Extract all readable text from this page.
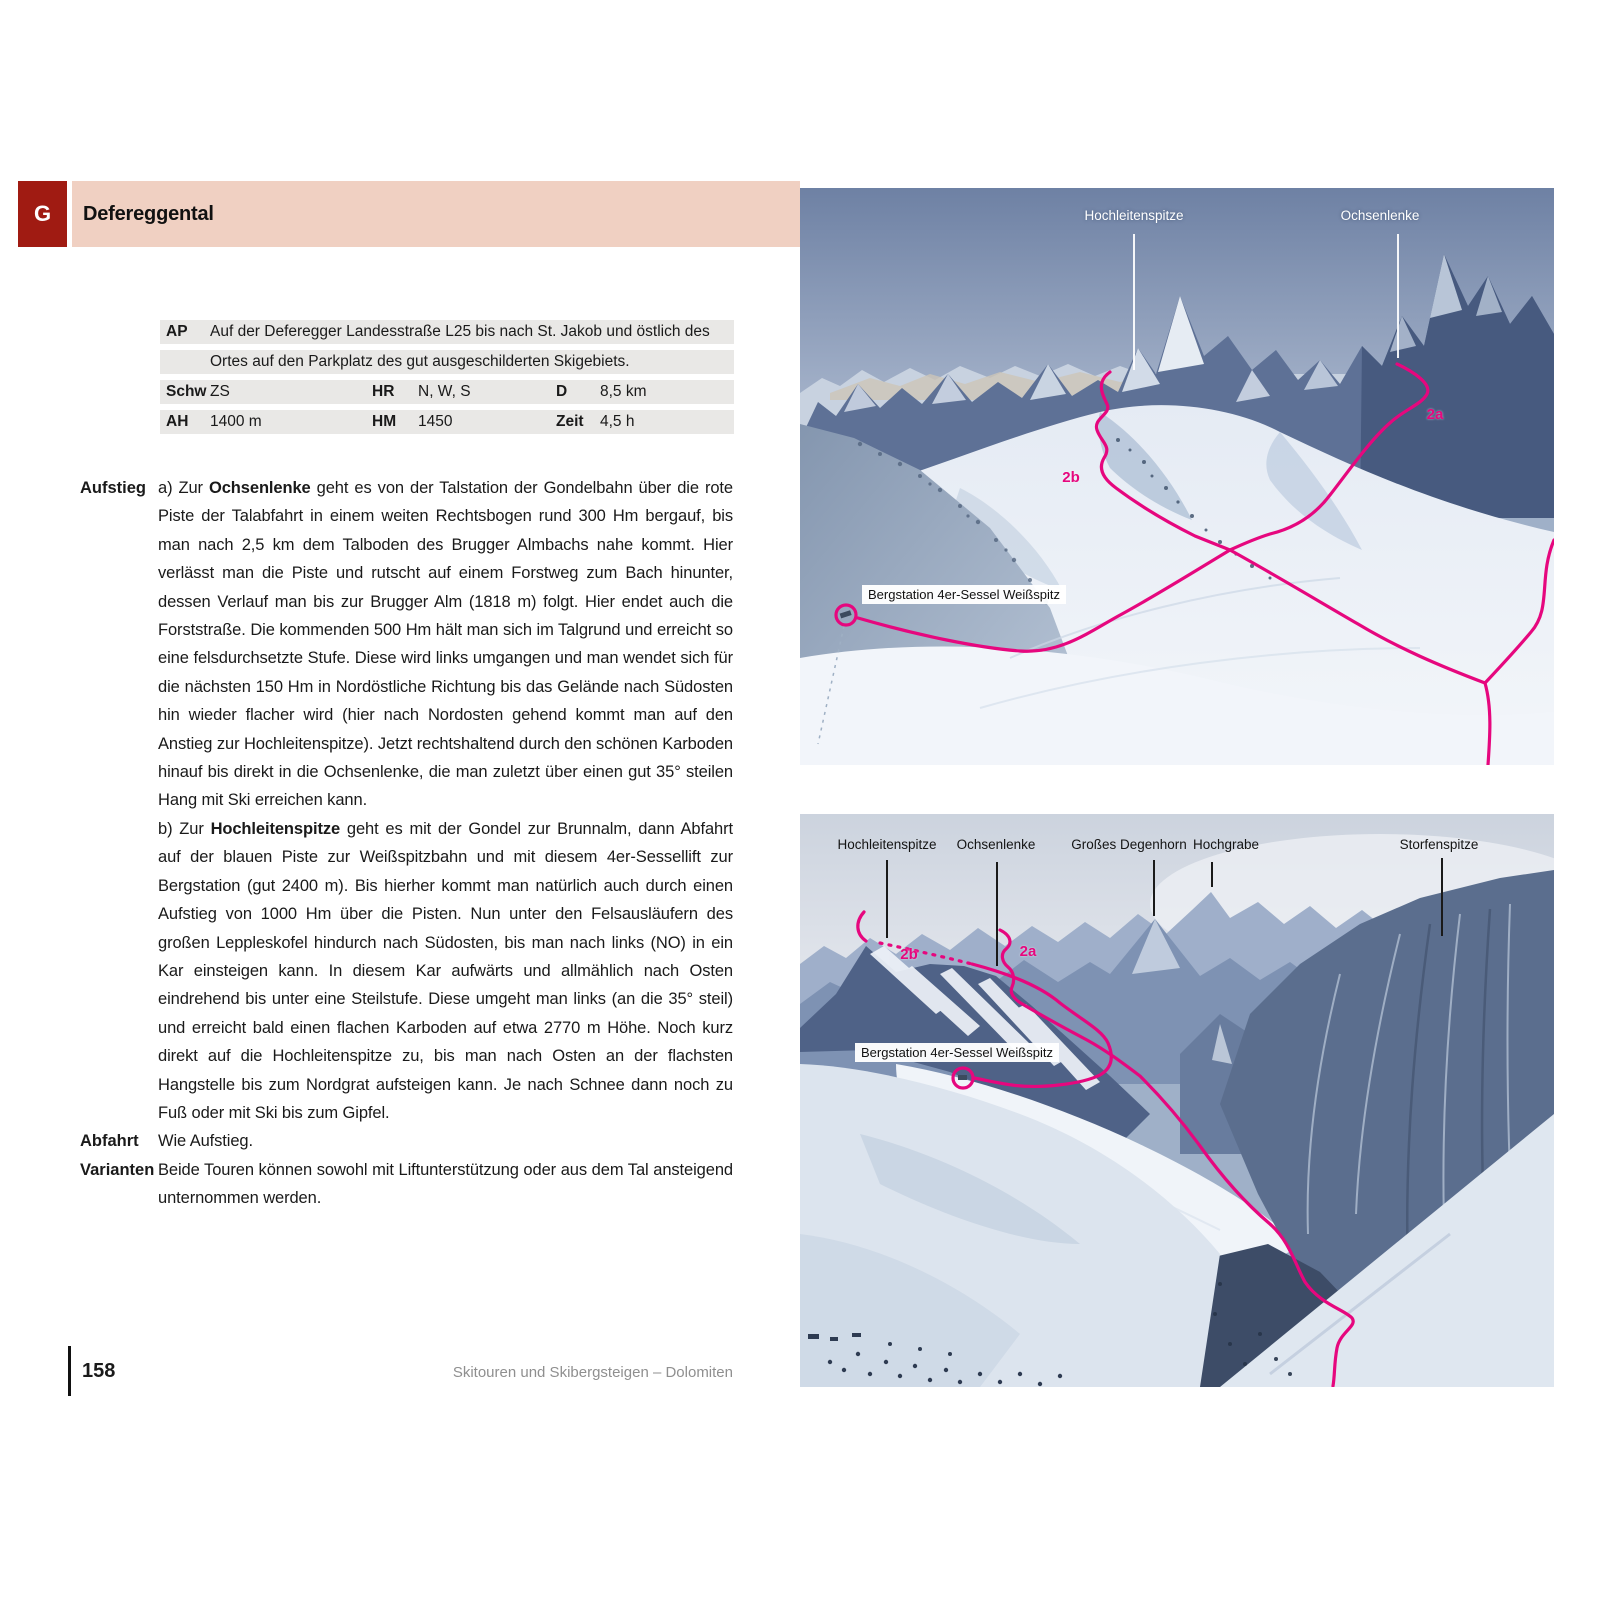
G Defereggental
AP	Auf der Deferegger Landesstraße L25 bis nach St. Jakob und östlich des
Ortes auf den Parkplatz des gut ausgeschilderten Skigebiets.
Schw ZS	HR	N, W, S	D	8,5 km
AH	1400 m	HM	1450	Zeit	4,5 h
Aufstieg a) Zur Ochsenlenke geht es von der Talstation der Gondelbahn über die rote Piste der Talabfahrt in einem weiten Rechtsbogen rund 300 Hm bergauf, bis man nach 2,5 km dem Talboden des Brugger Almbachs nahe kommt. Hier verlässt man die Piste und rutscht auf einem Forstweg zum Bach hinunter, dessen Verlauf man bis zur Brugger Alm (1818 m) folgt. Hier endet auch die Forststraße. Die kommenden 500 Hm hält man sich im Talgrund und erreicht so eine felsdurchsetzte Stufe. Diese wird links umgangen und man wendet sich für die nächsten 150 Hm in Nordöstliche Richtung bis das Gelände nach Südosten hin wieder flacher wird (hier nach Nordosten gehend kommt man auf den Anstieg zur Hochleitenspitze). Jetzt rechtshaltend durch den schönen Karboden hinauf bis direkt in die Ochsenlenke, die man zuletzt über einen gut 35° steilen Hang mit Ski erreichen kann.
b) Zur Hochleitenspitze geht es mit der Gondel zur Brunnalm, dann Abfahrt auf der blauen Piste zur Weißspitzbahn und mit diesem 4er-Sessellift zur Bergstation (gut 2400 m). Bis hierher kommt man natürlich auch durch einen Aufstieg von 1000 Hm über die Pisten. Nun unter den Felsausläufern des großen Leppleskofel hindurch nach Südosten, bis man nach links (NO) in ein Kar einsteigen kann. In diesem Kar aufwärts und allmählich nach Osten eindrehend bis unter eine Steilstufe. Diese umgeht man links (an die 35° steil) und erreicht bald einen flachen Karboden auf etwa 2770 m Höhe. Noch kurz direkt auf die Hochleitenspitze zu, bis man nach Osten an der flachsten Hangstelle bis zum Nordgrat aufsteigen kann. Je nach Schnee dann noch zu Fuß oder mit Ski bis zum Gipfel.
Abfahrt Wie Aufstieg.
Varianten Beide Touren können sowohl mit Liftunterstützung oder aus dem Tal ansteigend unternommen werden.
158	Skitouren und Skibergsteigen – Dolomiten
Hochleitenspitze	Ochsenlenke
2b
2a
Bergstation 4er-Sessel Weißspitz
Hochleitenspitze Ochsenlenke	Großes Degenhorn Hochgrabe	Storfenspitze
2b	2a
Bergstation 4er-Sessel Weißspitz
